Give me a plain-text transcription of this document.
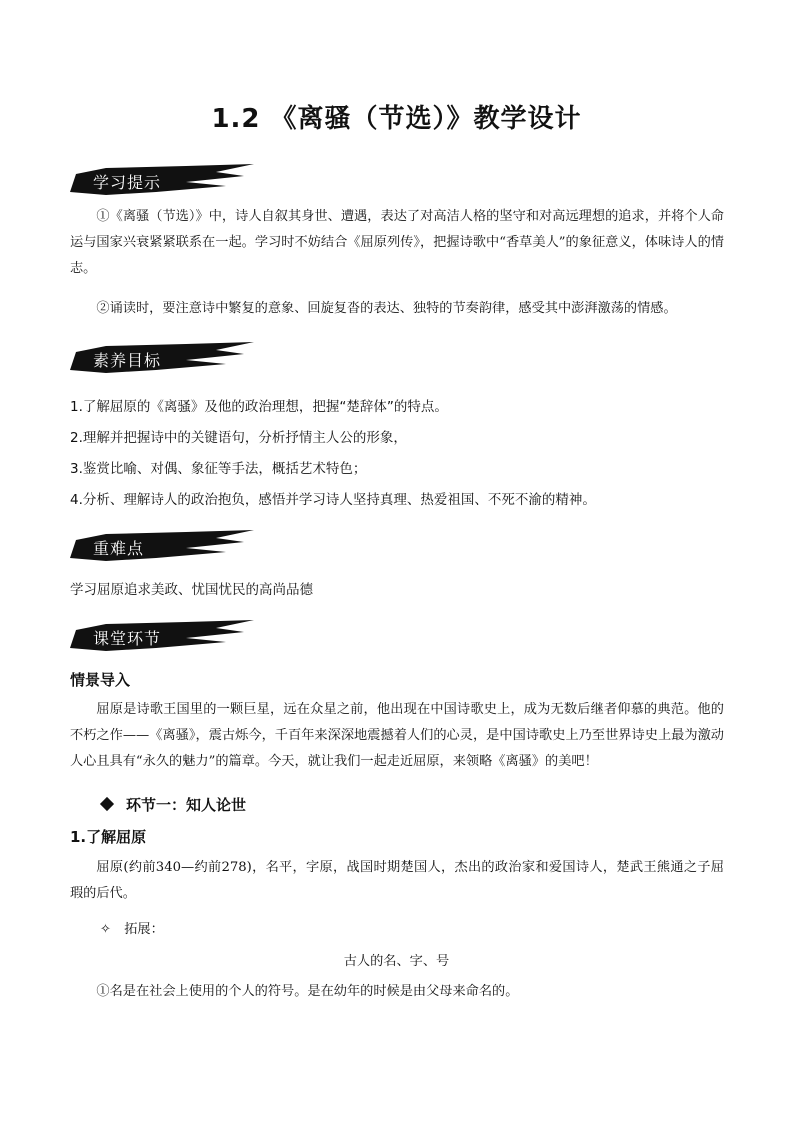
1.2 《离骚（节选）》教学设计
学习提示
①《离骚（节选）》中，诗人自叙其身世、遭遇，表达了对高洁人格的坚守和对高远理想的追求，并将个人命运与国家兴衰紧紧联系在一起。学习时不妨结合《屈原列传》，把握诗歌中“香草美人”的象征意义，体味诗人的情志。
②诵读时，要注意诗中繁复的意象、回旋复沓的表达、独特的节奏韵律，感受其中澎湃激荡的情感。
素养目标
1.了解屈原的《离骚》及他的政治理想，把握“楚辞体”的特点。
2.理解并把握诗中的关键语句，分析抒情主人公的形象，
3.鉴赏比喻、对偶、象征等手法，概括艺术特色；
4.分析、理解诗人的政治抱负，感悟并学习诗人坚持真理、热爱祖国、不死不渝的精神。
重难点
学习屈原追求美政、忧国忧民的高尚品德
课堂环节
情景导入
屈原是诗歌王国里的一颗巨星，远在众星之前，他出现在中国诗歌史上，成为无数后继者仰慕的典范。他的不朽之作——《离骚》，震古烁今，千百年来深深地震撼着人们的心灵，是中国诗歌史上乃至世界诗史上最为激动人心且具有“永久的魅力”的篇章。今天，就让我们一起走近屈原，来领略《离骚》的美吧！
环节一：知人论世
1.了解屈原
屈原(约前340—约前278)，名平，字原，战国时期楚国人，杰出的政治家和爱国诗人，楚武王熊通之子屈瑕的后代。
✧　拓展：
古人的名、字、号
①名是在社会上使用的个人的符号。是在幼年的时候是由父母来命名的。
